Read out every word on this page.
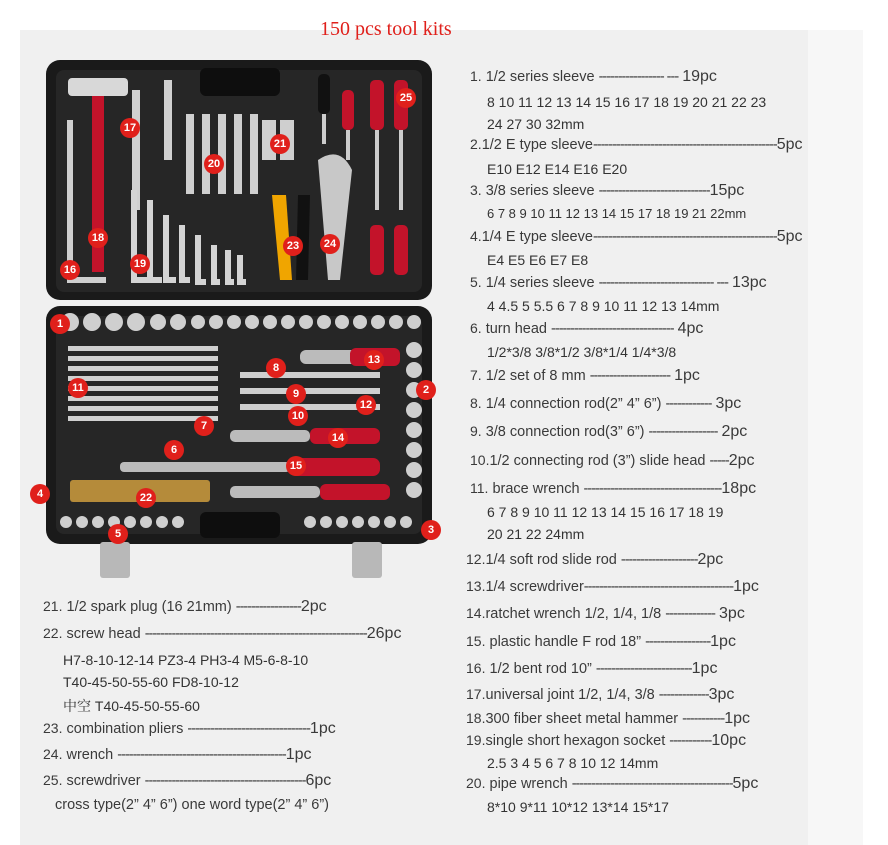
150 pcs tool kits
1
2
3
4
5
6
7
8
9
10
11
12
13
14
15
16
17
18
19
20
21
22
23	24
25
1. 1/2 series sleeve ----------------- --- 19pc
8 10 11 12 13 14 15 16 17 18 19 20 21 22 23
24 27 30 32mm
2.1/2 E type sleeve------------------------------------------------5pc
E10 E12 E14 E16 E20
3. 3/8 series sleeve -----------------------------15pc
6 7 8 9 10 11 12 13 14 15 17 18 19 21 22mm
4.1/4 E type sleeve------------------------------------------------5pc
E4 E5 E6 E7 E8
5. 1/4 series sleeve ------------------------------ --- 13pc
4 4.5 5 5.5 6 7 8 9 10 11 12 13 14mm
6. turn head -------------------------------- 4pc
1/2*3/8 3/8*1/2 3/8*1/4 1/4*3/8
7. 1/2 set of 8 mm --------------------- 1pc
8. 1/4 connection rod(2” 4” 6”) ------------ 3pc
9. 3/8 connection rod(3” 6”) ------------------ 2pc
10.1/2 connecting rod (3”) slide head -----2pc
11. brace wrench ------------------------------------18pc
6 7 8 9 10 11 12 13 14 15 16 17 18 19
20 21 22 24mm
12.1/4 soft rod slide rod --------------------2pc
13.1/4 screwdriver---------------------------------------1pc
14.ratchet wrench 1/2, 1/4, 1/8 ------------- 3pc
15. plastic handle F rod 18” -----------------1pc
16. 1/2 bent rod 10” -------------------------1pc
17.universal joint 1/2, 1/4, 3/8 -------------3pc
18.300 fiber sheet metal hammer -----------1pc
19.single short hexagon socket -----------10pc
2.5 3 4 5 6 7 8 10 12 14mm
20. pipe wrench ------------------------------------------5pc
8*10 9*11 10*12 13*14 15*17
21. 1/2 spark plug (16 21mm) -----------------2pc
22. screw head ----------------------------------------------------------26pc
H7-8-10-12-14 PZ3-4 PH3-4 M5-6-8-10
T40-45-50-55-60 FD8-10-12
中空 T40-45-50-55-60
23. combination pliers --------------------------------1pc
24. wrench --------------------------------------------1pc
25. screwdriver ------------------------------------------6pc
cross type(2” 4” 6”) one word type(2” 4” 6”)
